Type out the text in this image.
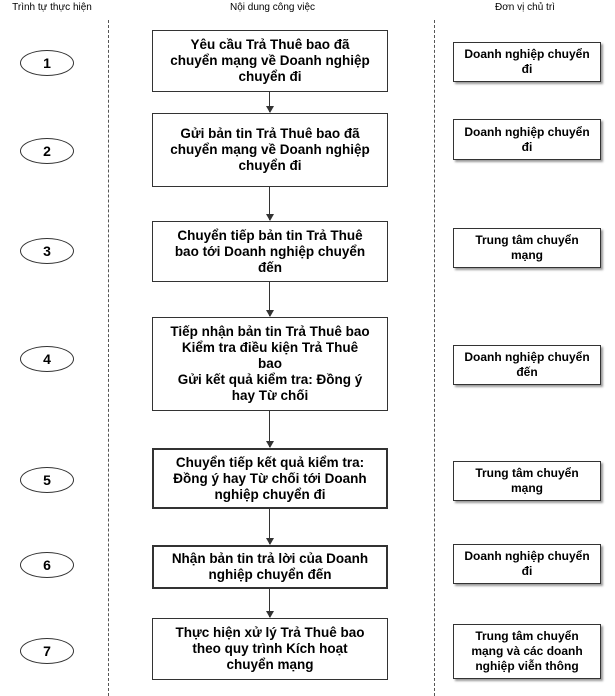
Trình tự thực hiện	Nội dung công việc	Đơn vị chủ trì
1
Yêu cầu Trả Thuê bao đã
chuyển mạng về Doanh nghiệp
chuyển đi
Doanh nghiệp chuyển
đi
2
Gửi bản tin Trả Thuê bao đã
chuyển mạng về Doanh nghiệp
chuyển đi
Doanh nghiệp chuyển
đi
3
Chuyển tiếp bản tin Trả Thuê
bao tới Doanh nghiệp chuyển
đến
Trung tâm chuyển
mạng
4
Tiếp nhận bản tin Trả Thuê bao
Kiểm tra điều kiện Trả Thuê
bao
Gửi kết quả kiểm tra: Đồng ý
hay Từ chối
Doanh nghiệp chuyển
đến
5
Chuyển tiếp kết quả kiểm tra:
Đồng ý hay Từ chối tới Doanh
nghiệp chuyển đi
Trung tâm chuyển
mạng
6	Nhận bản tin trả lời của Doanh
nghiệp chuyển đến
Doanh nghiệp chuyển
đi
7
Thực hiện xử lý Trả Thuê bao
theo quy trình Kích hoạt
chuyển mạng
Trung tâm chuyển
mạng và các doanh
nghiệp viễn thông
